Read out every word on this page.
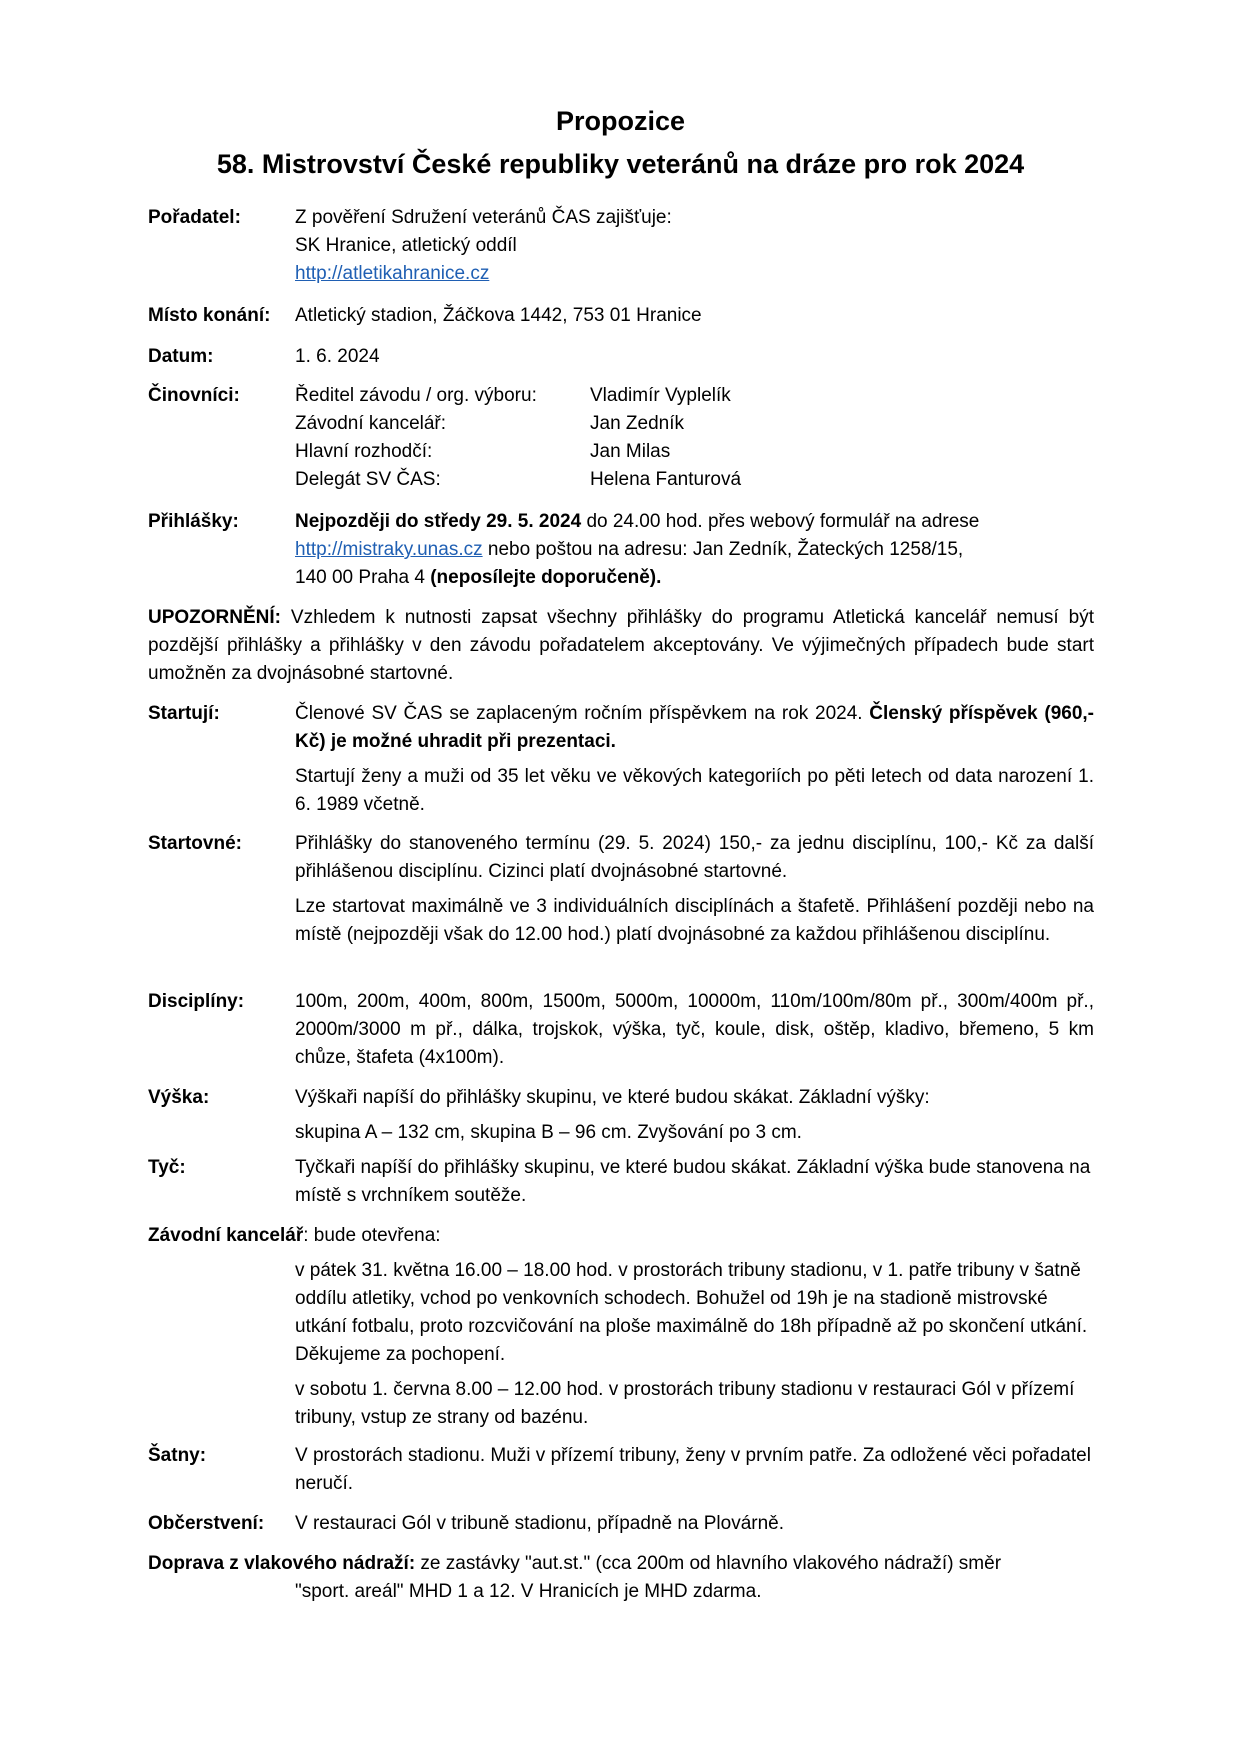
Propozice
58. Mistrovství České republiky veteránů na dráze pro rok 2024
Pořadatel:	Z pověření Sdružení veteránů ČAS zajišťuje:

SK Hranice, atletický oddíl

http://atletikahranice.cz

Místo konání: Atletický stadion, Žáčkova 1442, 753 01 Hranice

Datum:	1. 6. 2024

Činovníci:	Ředitel závodu / org. výboru:	Vladimír Vyplelík
Závodní kancelář:	Jan Zedník
Hlavní rozhodčí:	Jan Milas
Delegát SV ČAS:	Helena Fanturová
Přihlášky:	Nejpozději do středy 29. 5. 2024 do 24.00 hod. přes webový formulář na adrese

http://mistraky.unas.cz nebo poštou na adresu: Jan Zedník, Žateckých 1258/15,

140 00 Praha 4 (neposílejte doporučeně).

UPOZORNĚNÍ: Vzhledem k nutnosti zapsat všechny přihlášky do programu Atletická kancelář nemusí být pozdější přihlášky a přihlášky v den závodu pořadatelem akceptovány. Ve výjimečných případech bude start umožněn za dvojnásobné startovné.

Startují:	Členové SV ČAS se zaplaceným ročním příspěvkem na rok 2024. Členský příspěvek (960,- Kč) je možné uhradit při prezentaci.

Startují ženy a muži od 35 let věku ve věkových kategoriích po pěti letech od data narození 1. 6. 1989 včetně.

Startovné:	Přihlášky do stanoveného termínu (29. 5. 2024) 150,- za jednu disciplínu, 100,- Kč za další přihlášenou disciplínu. Cizinci platí dvojnásobné startovné.

Lze startovat maximálně ve 3 individuálních disciplínách a štafetě. Přihlášení později nebo na místě (nejpozději však do 12.00 hod.) platí dvojnásobné za každou přihlášenou disciplínu.

Disciplíny:	100m, 200m, 400m, 800m, 1500m, 5000m, 10000m, 110m/100m/80m př., 300m/400m př., 2000m/3000 m př., dálka, trojskok, výška, tyč, koule, disk, oštěp, kladivo, břemeno, 5 km chůze, štafeta (4x100m).

Výška:	Výškaři napíší do přihlášky skupinu, ve které budou skákat. Základní výšky:

skupina A – 132 cm, skupina B – 96 cm. Zvyšování po 3 cm.

Tyč:	Tyčkaři napíší do přihlášky skupinu, ve které budou skákat. Základní výška bude stanovena na místě s vrchníkem soutěže.

Závodní kancelář: bude otevřena:

v pátek 31. května 16.00 – 18.00 hod. v prostorách tribuny stadionu, v 1. patře tribuny v šatně oddílu atletiky, vchod po venkovních schodech. Bohužel od 19h je na stadioně mistrovské utkání fotbalu, proto rozcvičování na ploše maximálně do 18h případně až po skončení utkání. Děkujeme za pochopení.

v sobotu 1. června 8.00 – 12.00 hod. v prostorách tribuny stadionu v restauraci Gól v přízemí tribuny, vstup ze strany od bazénu.

Šatny:	V prostorách stadionu. Muži v přízemí tribuny, ženy v prvním patře. Za odložené věci pořadatel neručí.

Občerstvení: V restauraci Gól v tribuně stadionu, případně na Plovárně.

Doprava z vlakového nádraží: ze zastávky "aut.st." (cca 200m od hlavního vlakového nádraží) směr

"sport. areál" MHD 1 a 12. V Hranicích je MHD zdarma.
